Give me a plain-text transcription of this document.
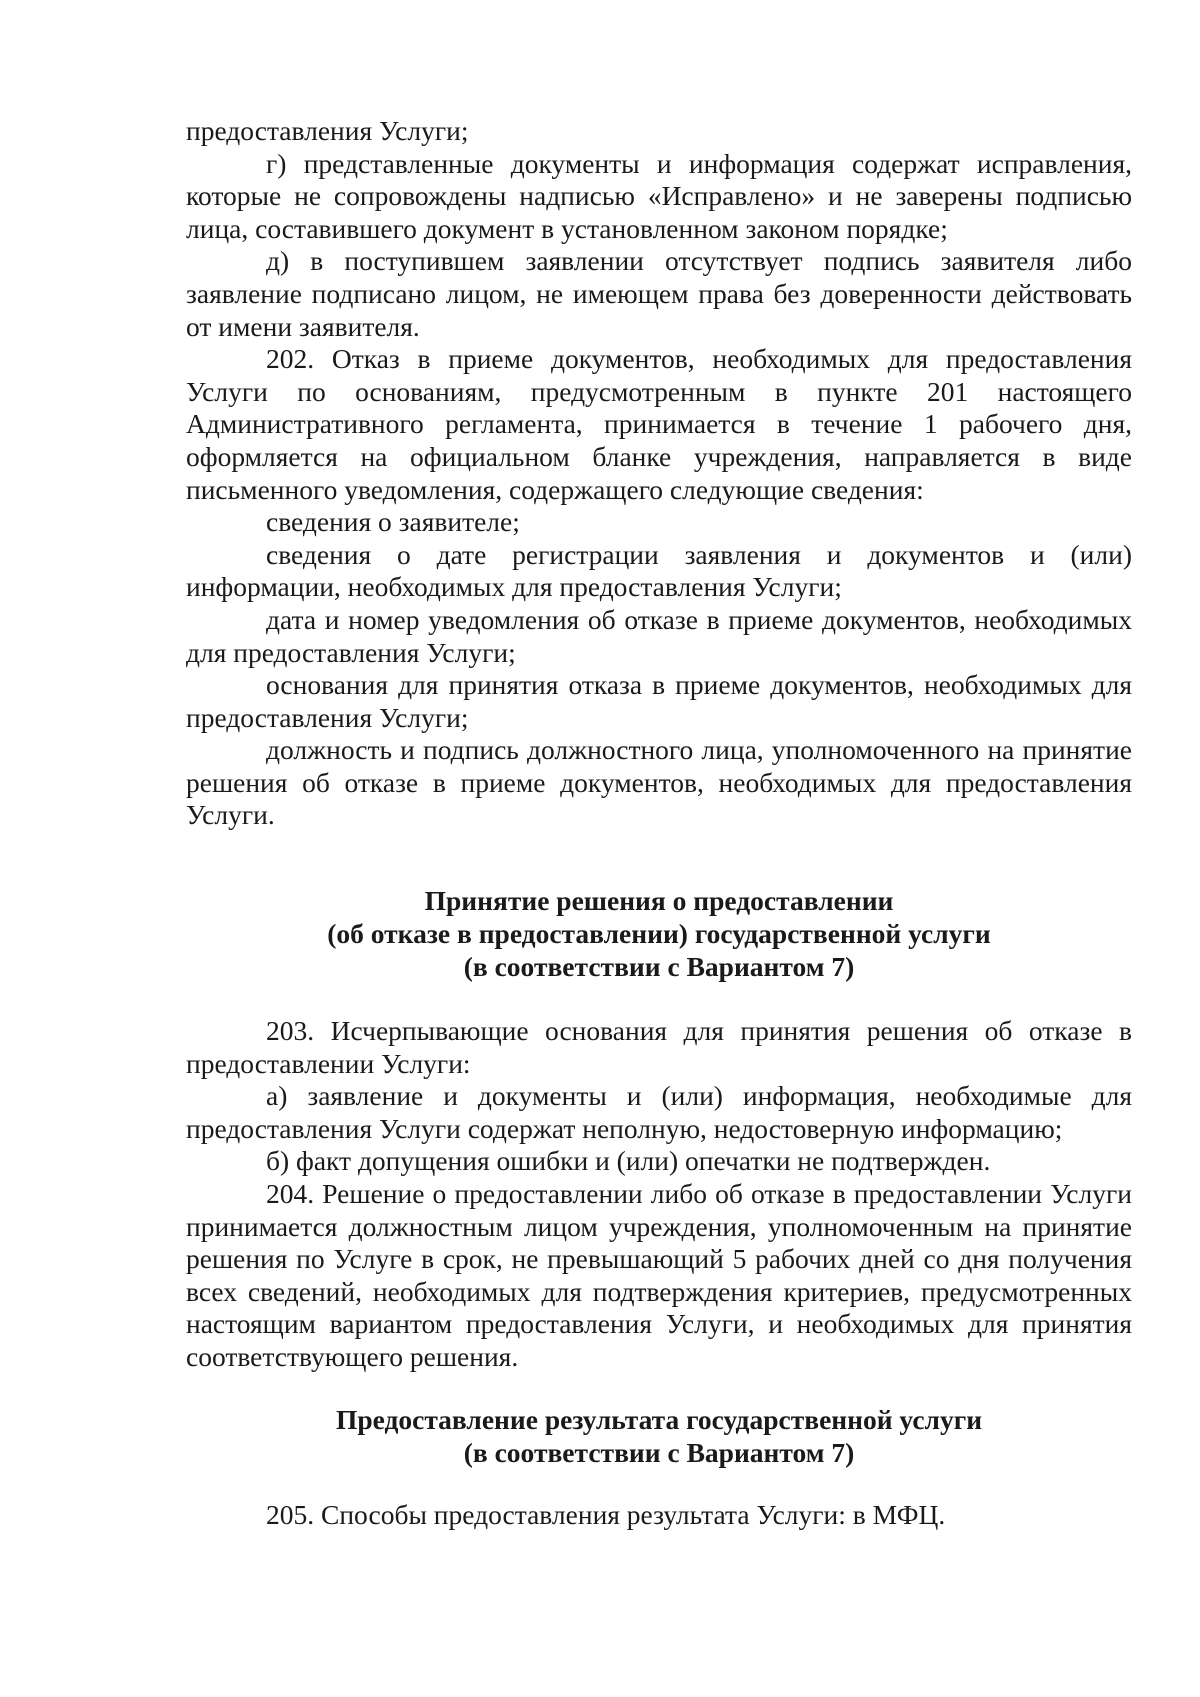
предоставления Услуги;

г) представленные документы и информация содержат исправления, которые не сопровождены надписью «Исправлено» и не заверены подписью лица, составившего документ в установленном законом порядке;

д) в поступившем заявлении отсутствует подпись заявителя либо заявление подписано лицом, не имеющем права без доверенности действовать от имени заявителя.

202. Отказ в приеме документов, необходимых для предоставления Услуги по основаниям, предусмотренным в пункте 201 настоящего Административного регламента, принимается в течение 1 рабочего дня, оформляется на официальном бланке учреждения, направляется в виде письменного уведомления, содержащего следующие сведения:

сведения о заявителе;

сведения о дате регистрации заявления и документов и (или) информации, необходимых для предоставления Услуги;

дата и номер уведомления об отказе в приеме документов, необходимых для предоставления Услуги;

основания для принятия отказа в приеме документов, необходимых для предоставления Услуги;

должность и подпись должностного лица, уполномоченного на принятие решения об отказе в приеме документов, необходимых для предоставления Услуги.

Принятие решения о предоставлении
(об отказе в предоставлении) государственной услуги
(в соответствии с Вариантом 7)

203. Исчерпывающие основания для принятия решения об отказе в предоставлении Услуги:

а) заявление и документы и (или) информация, необходимые для предоставления Услуги содержат неполную, недостоверную информацию;

б) факт допущения ошибки и (или) опечатки не подтвержден.

204. Решение о предоставлении либо об отказе в предоставлении Услуги принимается должностным лицом учреждения, уполномоченным на принятие решения по Услуге в срок, не превышающий 5 рабочих дней со дня получения всех сведений, необходимых для подтверждения критериев, предусмотренных настоящим вариантом предоставления Услуги, и необходимых для принятия соответствующего решения.

Предоставление результата государственной услуги
(в соответствии с Вариантом 7)

205. Способы предоставления результата Услуги: в МФЦ.
